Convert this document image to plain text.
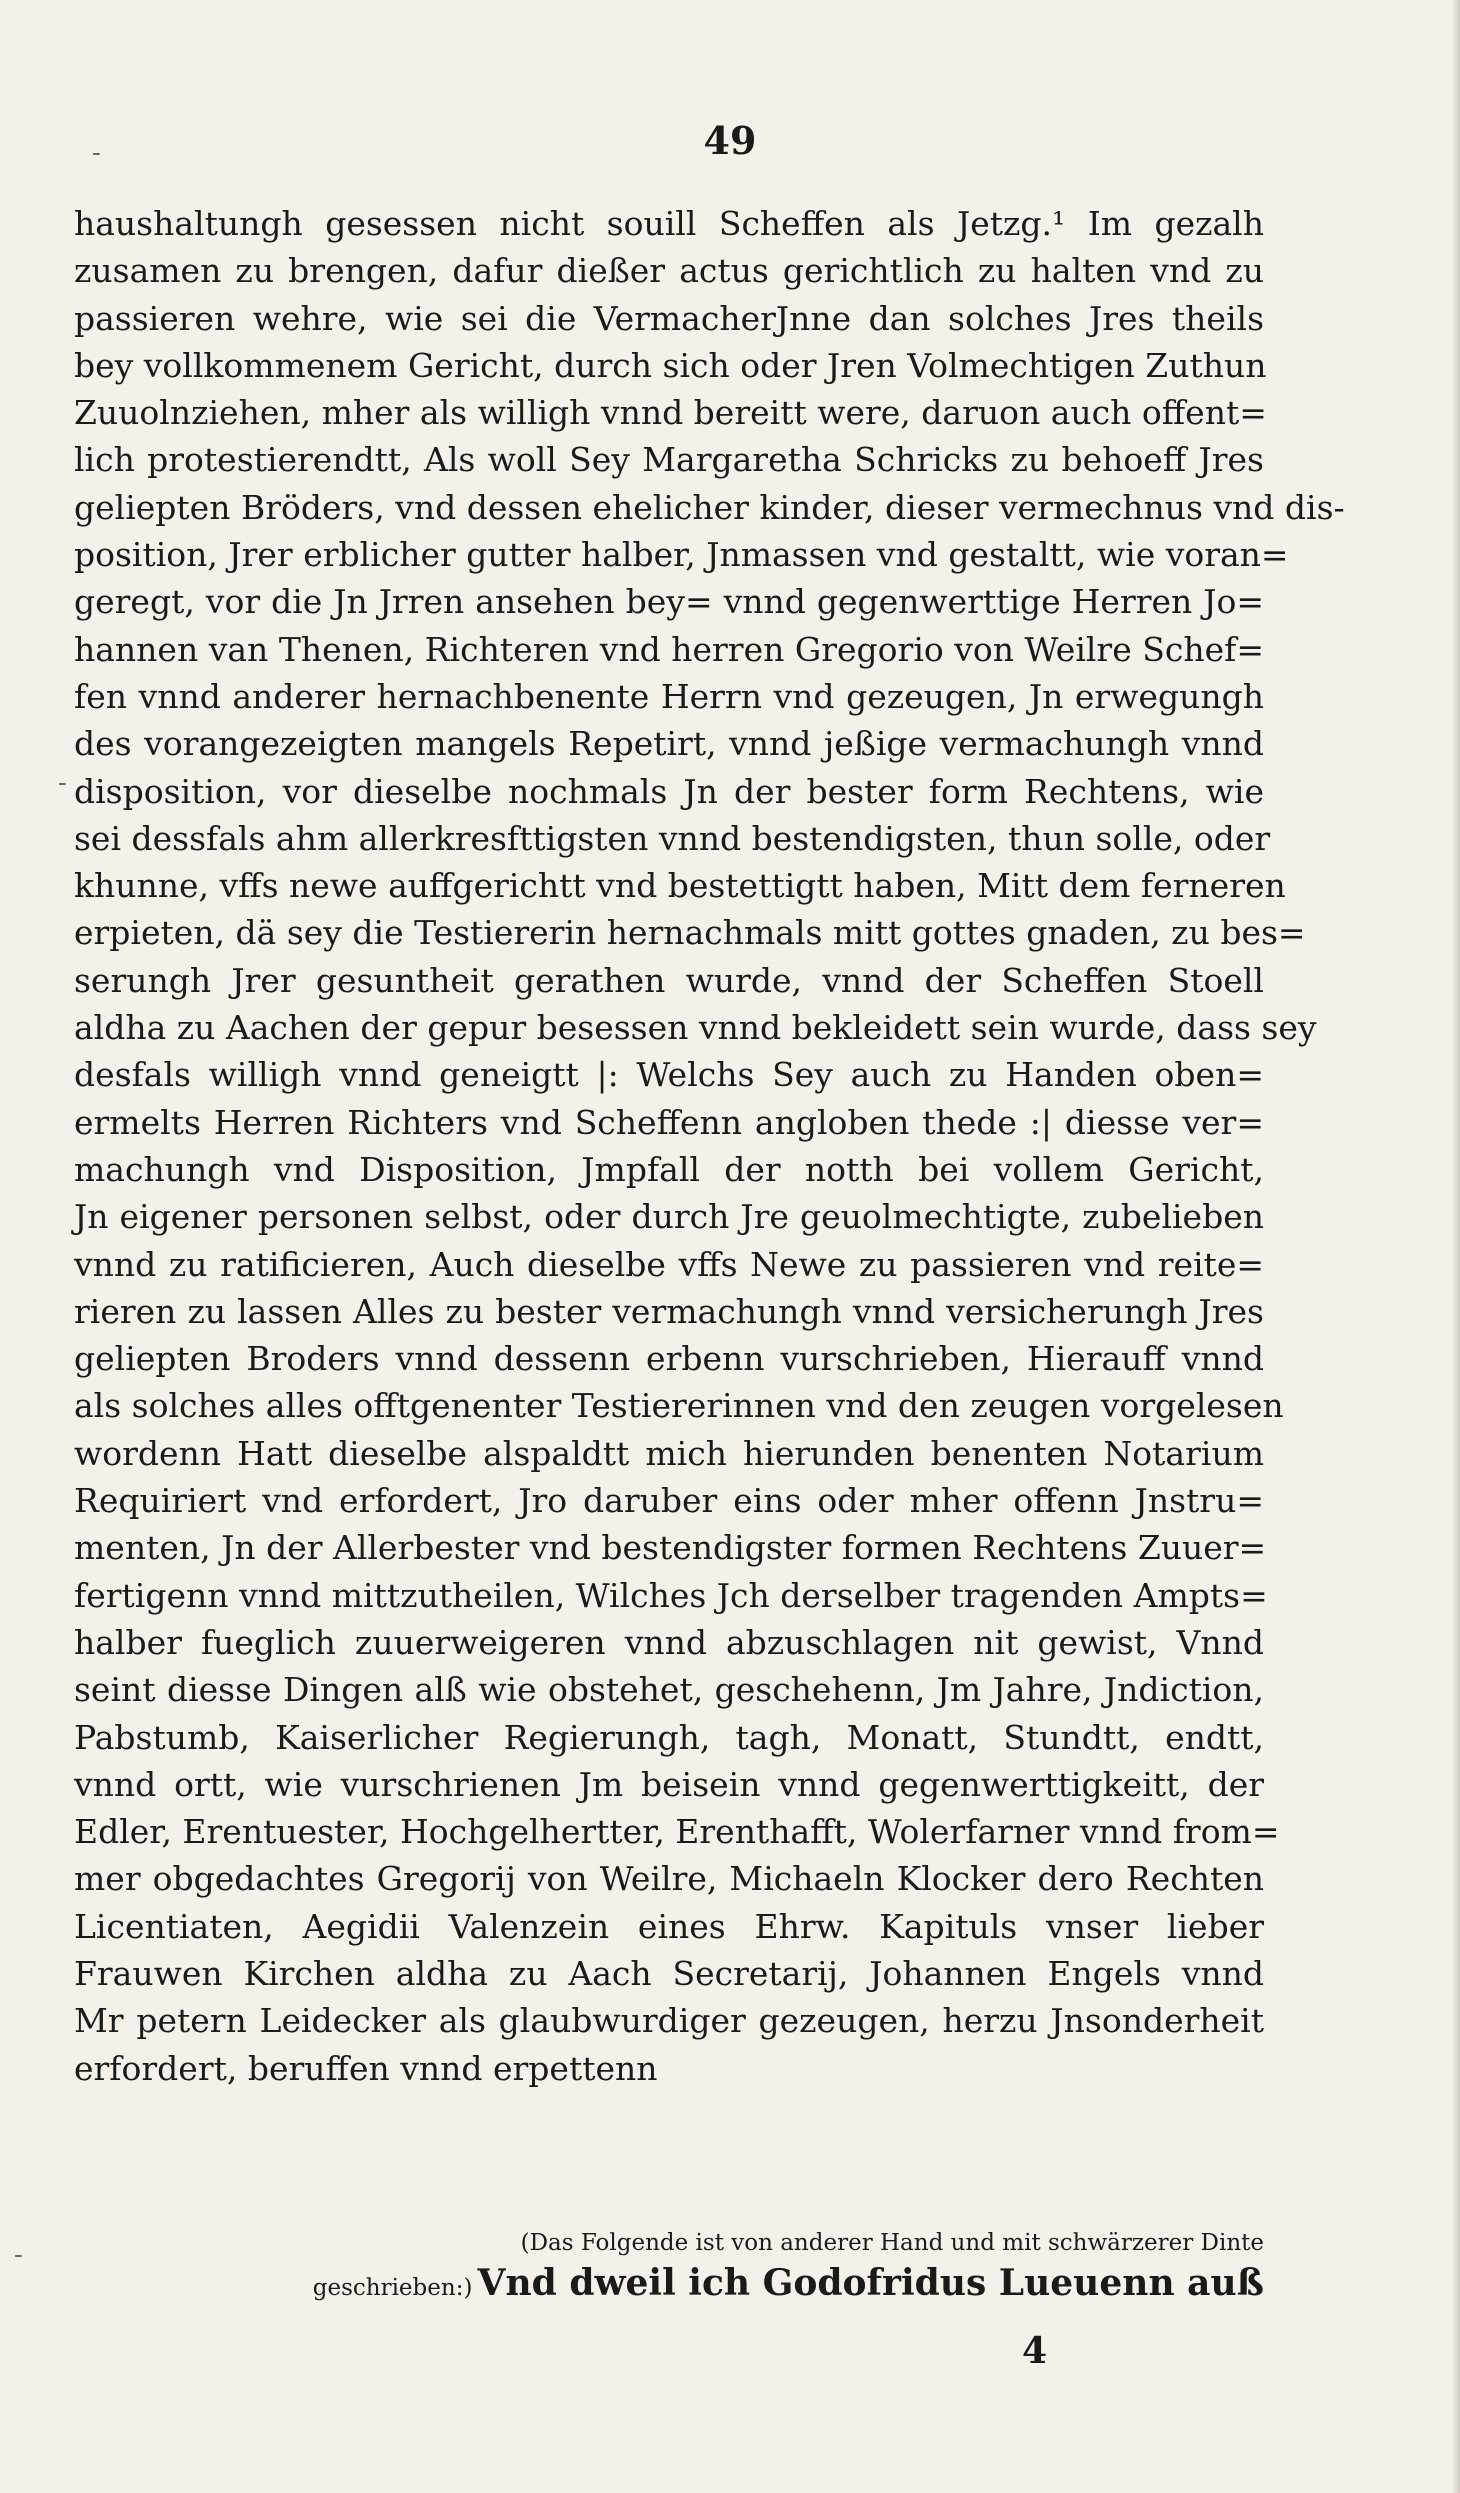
49
haushaltungh gesessen nicht souill Scheffen als Jetzg.¹ Im gezalh
zusamen zu brengen, dafur dießer actus gerichtlich zu halten vnd zu
passieren wehre, wie sei die VermacherJnne dan solches Jres theils
bey vollkommenem Gericht, durch sich oder Jren Volmechtigen Zuthun
Zuuolnziehen, mher als willigh vnnd bereitt were, daruon auch offent=
lich protestierendtt, Als woll Sey Margaretha Schricks zu behoeff Jres
geliepten Bröders, vnd dessen ehelicher kinder, dieser vermechnus vnd dis-
position, Jrer erblicher gutter halber, Jnmassen vnd gestaltt, wie voran=
geregt, vor die Jn Jrren ansehen bey= vnnd gegenwerttige Herren Jo=
hannen van Thenen, Richteren vnd herren Gregorio von Weilre Schef=
fen vnnd anderer hernachbenente Herrn vnd gezeugen, Jn erwegungh
des vorangezeigten mangels Repetirt, vnnd jeßige vermachungh vnnd
disposition, vor dieselbe nochmals Jn der bester form Rechtens, wie
sei dessfals ahm allerkresfttigsten vnnd bestendigsten, thun solle, oder
khunne, vffs newe auffgerichtt vnd bestettigtt haben, Mitt dem ferneren
erpieten, dä sey die Testiererin hernachmals mitt gottes gnaden, zu bes=
serungh Jrer gesuntheit gerathen wurde, vnnd der Scheffen Stoell
aldha zu Aachen der gepur besessen vnnd bekleidett sein wurde, dass sey
desfals willigh vnnd geneigtt |: Welchs Sey auch zu Handen oben=
ermelts Herren Richters vnd Scheffenn angloben thede :| diesse ver=
machungh vnd Disposition, Jmpfall der notth bei vollem Gericht,
Jn eigener personen selbst, oder durch Jre geuolmechtigte, zubelieben
vnnd zu ratificieren, Auch dieselbe vffs Newe zu passieren vnd reite=
rieren zu lassen Alles zu bester vermachungh vnnd versicherungh Jres
geliepten Broders vnnd dessenn erbenn vurschrieben, Hierauff vnnd
als solches alles offtgenenter Testiererinnen vnd den zeugen vorgelesen
wordenn Hatt dieselbe alspaldtt mich hierunden benenten Notarium
Requiriert vnd erfordert, Jro daruber eins oder mher offenn Jnstru=
menten, Jn der Allerbester vnd bestendigster formen Rechtens Zuuer=
fertigenn vnnd mittzutheilen, Wilches Jch derselber tragenden Ampts=
halber fueglich zuuerweigeren vnnd abzuschlagen nit gewist, Vnnd
seint diesse Dingen alß wie obstehet, geschehenn, Jm Jahre, Jndiction,
Pabstumb, Kaiserlicher Regierungh, tagh, Monatt, Stundtt, endtt,
vnnd ortt, wie vurschrienen Jm beisein vnnd gegenwerttigkeitt, der
Edler, Erentuester, Hochgelhertter, Erenthafft, Wolerfarner vnnd from=
mer obgedachtes Gregorij von Weilre, Michaeln Klocker dero Rechten
Licentiaten, Aegidii Valenzein eines Ehrw. Kapituls vnser lieber
Frauwen Kirchen aldha zu Aach Secretarij, Johannen Engels vnnd
Mr petern Leidecker als glaubwurdiger gezeugen, herzu Jnsonderheit
erfordert, beruffen vnnd erpettenn
(Das Folgende ist von anderer Hand und mit schwärzerer Dinte
geschrieben:) Vnd dweil ich Godofridus Lueuenn auß
4
-
-
-
